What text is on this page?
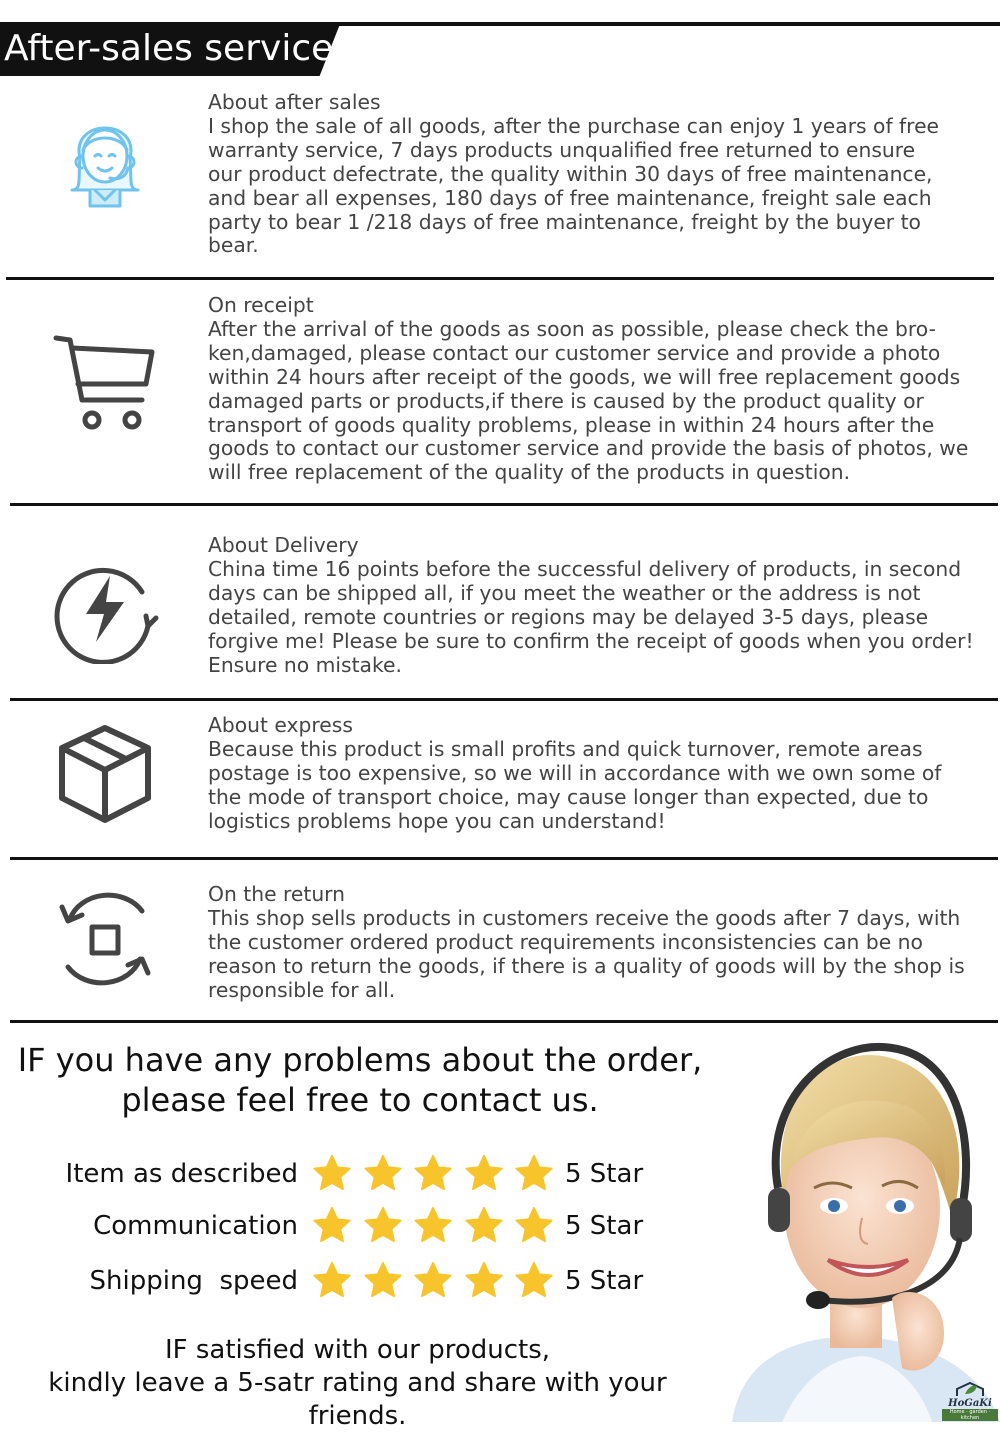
After-sales service
About after sales
I shop the sale of all goods, after the purchase can enjoy 1 years of free
warranty service, 7 days products unqualified free returned to ensure
our product defectrate, the quality within 30 days of free maintenance,
and bear all expenses, 180 days of free maintenance, freight sale each
party to bear 1 /218 days of free maintenance, freight by the buyer to
bear.
On receipt
After the arrival of the goods as soon as possible, please check the bro-
ken,damaged, please contact our customer service and provide a photo
within 24 hours after receipt of the goods, we will free replacement goods
damaged parts or products,if there is caused by the product quality or
transport of goods quality problems, please in within 24 hours after the
goods to contact our customer service and provide the basis of photos, we
will free replacement of the quality of the products in question.
About Delivery
China time 16 points before the successful delivery of products, in second
days can be shipped all, if you meet the weather or the address is not
detailed, remote countries or regions may be delayed 3-5 days, please
forgive me! Please be sure to confirm the receipt of goods when you order!
Ensure no mistake.
About express
Because this product is small profits and quick turnover, remote areas
postage is too expensive, so we will in accordance with we own some of
the mode of transport choice, may cause longer than expected, due to
logistics problems hope you can understand!
On the return
This shop sells products in customers receive the goods after 7 days, with
the customer ordered product requirements inconsistencies can be no
reason to return the goods, if there is a quality of goods will by the shop is
responsible for all.
IF you have any problems about the order,
please feel free to contact us.
Item as described	5 Star
Communication	5 Star
Shipping  speed	5 Star
IF satisfied with our products,
kindly leave a 5-satr rating and share with your friends.	HoGaKi
Home · garden · kitchen
